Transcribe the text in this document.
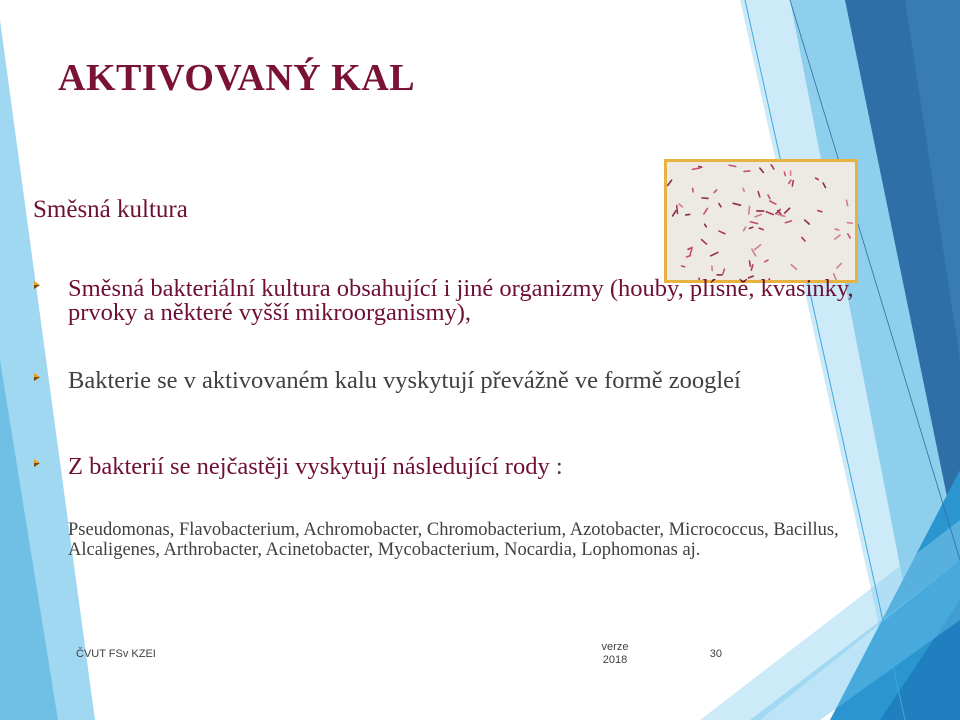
AKTIVOVANÝ KAL
Směsná kultura
Směsná bakteriální kultura obsahující i jiné organizmy (houby, plísně, kvasinky, prvoky a některé vyšší mikroorganismy),
Bakterie se v aktivovaném kalu vyskytují převážně ve formě zoogleí
Z bakterií se nejčastěji vyskytují následující rody :
Pseudomonas, Flavobacterium, Achromobacter, Chromobacterium, Azotobacter, Micrococcus, Bacillus, Alcaligenes, Arthrobacter, Acinetobacter, Mycobacterium, Nocardia, Lophomonas aj.
ČVUT FSv KZEI
verze
2018	30
